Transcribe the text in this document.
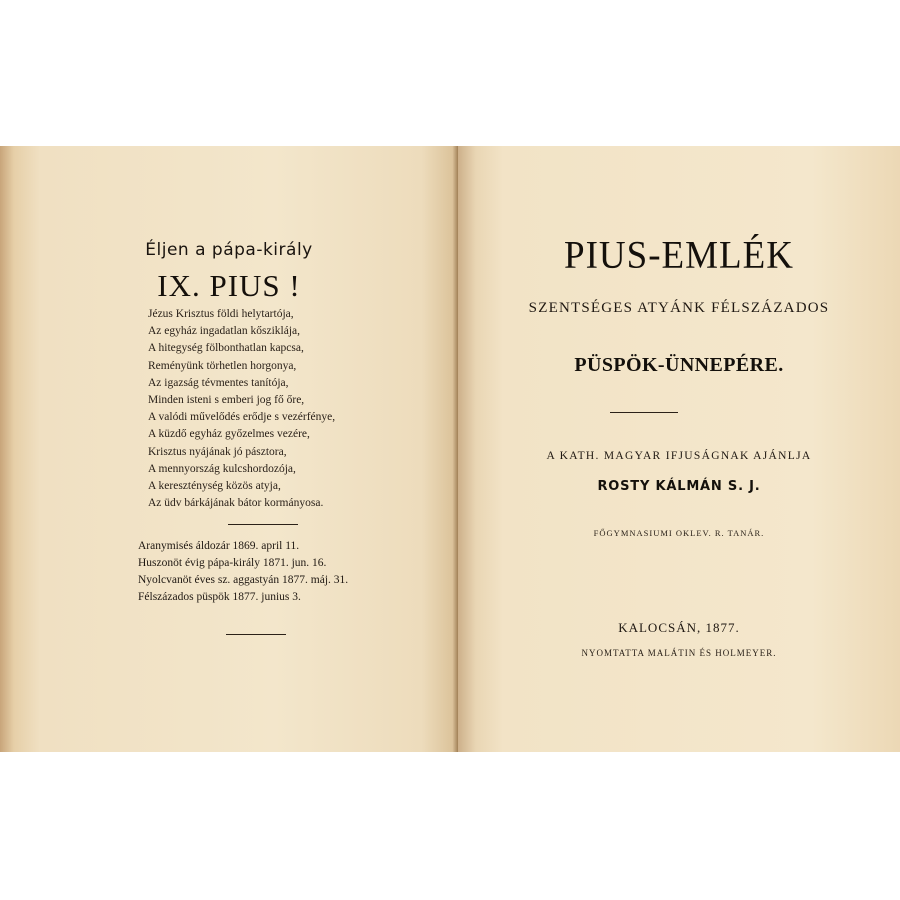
Éljen a pápa-király
IX. PIUS !
Jézus Krisztus földi helytartója,
Az egyház ingadatlan kősziklája,
A hitegység fölbonthatlan kapcsa,
Reményünk törhetlen horgonya,
Az igazság tévmentes tanítója,
Minden isteni s emberi jog fő őre,
A valódi művelődés erődje s vezérfénye,
A küzdő egyház győzelmes vezére,
Krisztus nyájának jó pásztora,
A mennyország kulcshordozója,
A kereszténység közös atyja,
Az üdv bárkájának bátor kormányosa.
Aranymisés áldozár 1869. april 11.
Huszonöt évig pápa-király 1871. jun. 16.
Nyolcvanöt éves sz. aggastyán 1877. máj. 31.
Félszázados püspök 1877. junius 3.
PIUS-EMLÉK
SZENTSÉGES ATYÁNK FÉLSZÁZADOS
PÜSPÖK-ÜNNEPÉRE.
A KATH. MAGYAR IFJUSÁGNAK AJÁNLJA
ROSTY KÁLMÁN S. J.
FŐGYMNASIUMI OKLEV. R. TANÁR.
KALOCSÁN, 1877.
NYOMTATTA MALÁTIN ÉS HOLMEYER.
